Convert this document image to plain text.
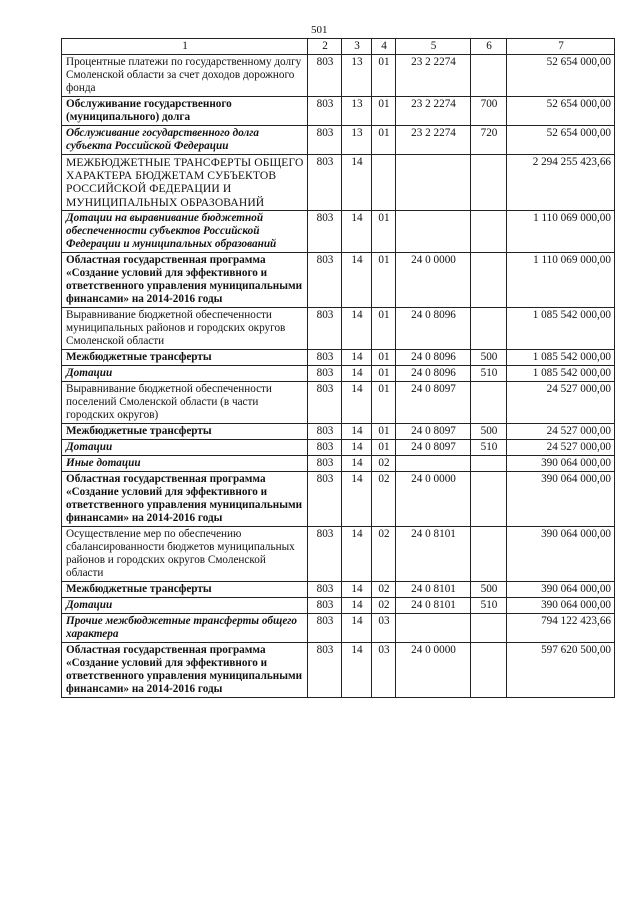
501
1	2	3	4	5	6	7
Процентные платежи по государственному долгу Смоленской области за счет доходов дорожного фонда	803	13	01	23 2 2274		52 654 000,00
Обслуживание государственного (муниципального) долга	803	13	01	23 2 2274	700	52 654 000,00
Обслуживание государственного долга субъекта Российской Федерации	803	13	01	23 2 2274	720	52 654 000,00
МЕЖБЮДЖЕТНЫЕ ТРАНСФЕРТЫ ОБЩЕГО ХАРАКТЕРА БЮДЖЕТАМ СУБЪЕКТОВ РОССИЙСКОЙ ФЕДЕРАЦИИ И МУНИЦИПАЛЬНЫХ ОБРАЗОВАНИЙ	803	14				2 294 255 423,66
Дотации на выравнивание бюджетной обеспеченности субъектов Российской Федерации и муниципальных образований	803	14	01			1 110 069 000,00
Областная государственная программа «Создание условий для эффективного и ответственного управления муниципальными финансами» на 2014-2016 годы	803	14	01	24 0 0000		1 110 069 000,00
Выравнивание бюджетной обеспеченности муниципальных районов и городских округов Смоленской области	803	14	01	24 0 8096		1 085 542 000,00
Межбюджетные трансферты	803	14	01	24 0 8096	500	1 085 542 000,00
Дотации	803	14	01	24 0 8096	510	1 085 542 000,00
Выравнивание бюджетной обеспеченности поселений Смоленской области (в части городских округов)	803	14	01	24 0 8097		24 527 000,00
Межбюджетные трансферты	803	14	01	24 0 8097	500	24 527 000,00
Дотации	803	14	01	24 0 8097	510	24 527 000,00
Иные дотации	803	14	02			390 064 000,00
Областная государственная программа «Создание условий для эффективного и ответственного управления муниципальными финансами» на 2014-2016 годы	803	14	02	24 0 0000		390 064 000,00
Осуществление мер по обеспечению сбалансированности бюджетов муниципальных районов и городских округов Смоленской области	803	14	02	24 0 8101		390 064 000,00
Межбюджетные трансферты	803	14	02	24 0 8101	500	390 064 000,00
Дотации	803	14	02	24 0 8101	510	390 064 000,00
Прочие межбюджетные трансферты общего характера	803	14	03			794 122 423,66
Областная государственная программа «Создание условий для эффективного и ответственного управления муниципальными финансами» на 2014-2016 годы	803	14	03	24 0 0000		597 620 500,00
